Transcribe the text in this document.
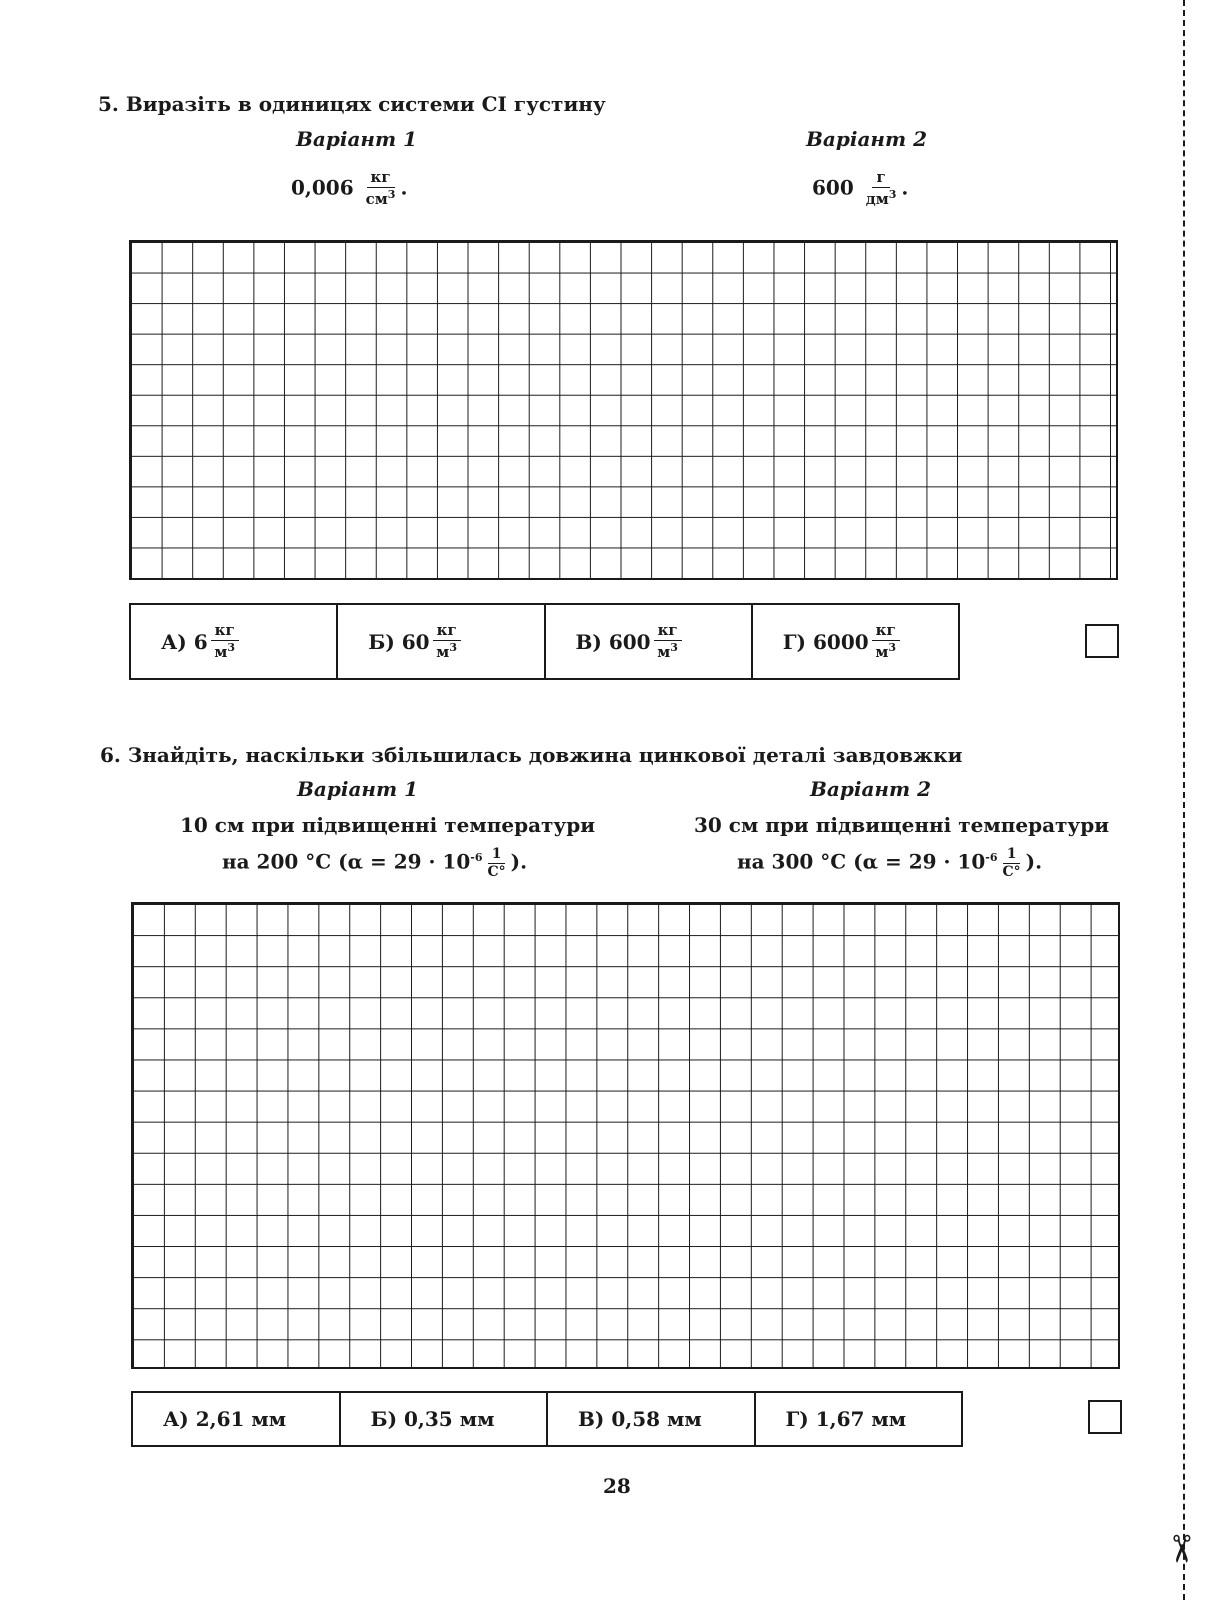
5. Виразіть в одиницях системи СІ густину
Варіант 1	Варіант 2
$0,006 \frac{кг}{см^3}$ .	$600 \frac{г}{дм^3}$ .
А) $6 \frac{кг}{м^3}$	Б) $60 \frac{кг}{м^3}$	В) $600 \frac{кг}{м^3}$	Г) $6000 \frac{кг}{м^3}$
6. Знайдіть, наскільки збільшилась довжина цинкової деталі завдовжки
Варіант 1	Варіант 2
10 см при підвищенні температури	30 см при підвищенні температури
на 200 °С ($\alpha = 29 \cdot 10^{-6} \frac{1}{С^\circ}$ ).	на 300 °С ($\alpha = 29 \cdot 10^{-6} \frac{1}{С^\circ}$ ).
А) 2,61 мм	Б) 0,35 мм	В) 0,58 мм	Г) 1,67 мм
28
✂
